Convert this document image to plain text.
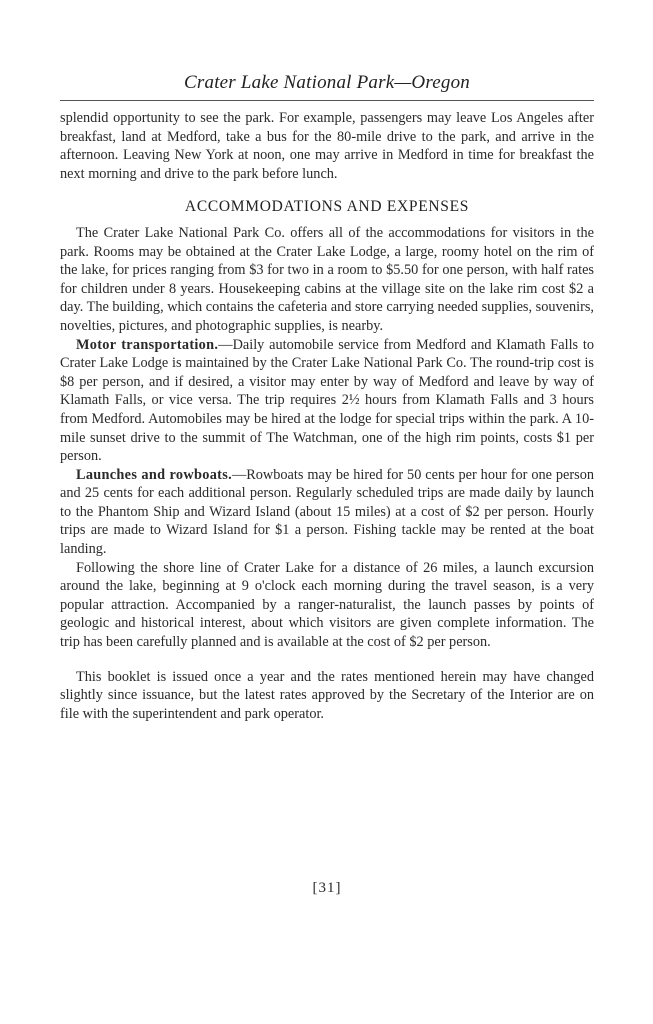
Crater Lake National Park—Oregon

splendid opportunity to see the park. For example, passengers may leave Los Angeles after breakfast, land at Medford, take a bus for the 80-mile drive to the park, and arrive in the afternoon. Leaving New York at noon, one may arrive in Medford in time for breakfast the next morning and drive to the park before lunch.

ACCOMMODATIONS AND EXPENSES

The Crater Lake National Park Co. offers all of the accommodations for visitors in the park. Rooms may be obtained at the Crater Lake Lodge, a large, roomy hotel on the rim of the lake, for prices ranging from $3 for two in a room to $5.50 for one person, with half rates for children under 8 years. Housekeeping cabins at the village site on the lake rim cost $2 a day. The building, which contains the cafeteria and store carrying needed supplies, souvenirs, novelties, pictures, and photographic supplies, is nearby.

Motor transportation.—Daily automobile service from Medford and Klamath Falls to Crater Lake Lodge is maintained by the Crater Lake National Park Co. The round-trip cost is $8 per person, and if desired, a visitor may enter by way of Medford and leave by way of Klamath Falls, or vice versa. The trip requires 2½ hours from Klamath Falls and 3 hours from Medford. Automobiles may be hired at the lodge for special trips within the park. A 10-mile sunset drive to the summit of The Watchman, one of the high rim points, costs $1 per person.

Launches and rowboats.—Rowboats may be hired for 50 cents per hour for one person and 25 cents for each additional person. Regularly scheduled trips are made daily by launch to the Phantom Ship and Wizard Island (about 15 miles) at a cost of $2 per person. Hourly trips are made to Wizard Island for $1 a person. Fishing tackle may be rented at the boat landing.

Following the shore line of Crater Lake for a distance of 26 miles, a launch excursion around the lake, beginning at 9 o'clock each morning during the travel season, is a very popular attraction. Accompanied by a ranger-naturalist, the launch passes by points of geologic and historical interest, about which visitors are given complete information. The trip has been carefully planned and is available at the cost of $2 per person.

This booklet is issued once a year and the rates mentioned herein may have changed slightly since issuance, but the latest rates approved by the Secretary of the Interior are on file with the superintendent and park operator.

[31]
